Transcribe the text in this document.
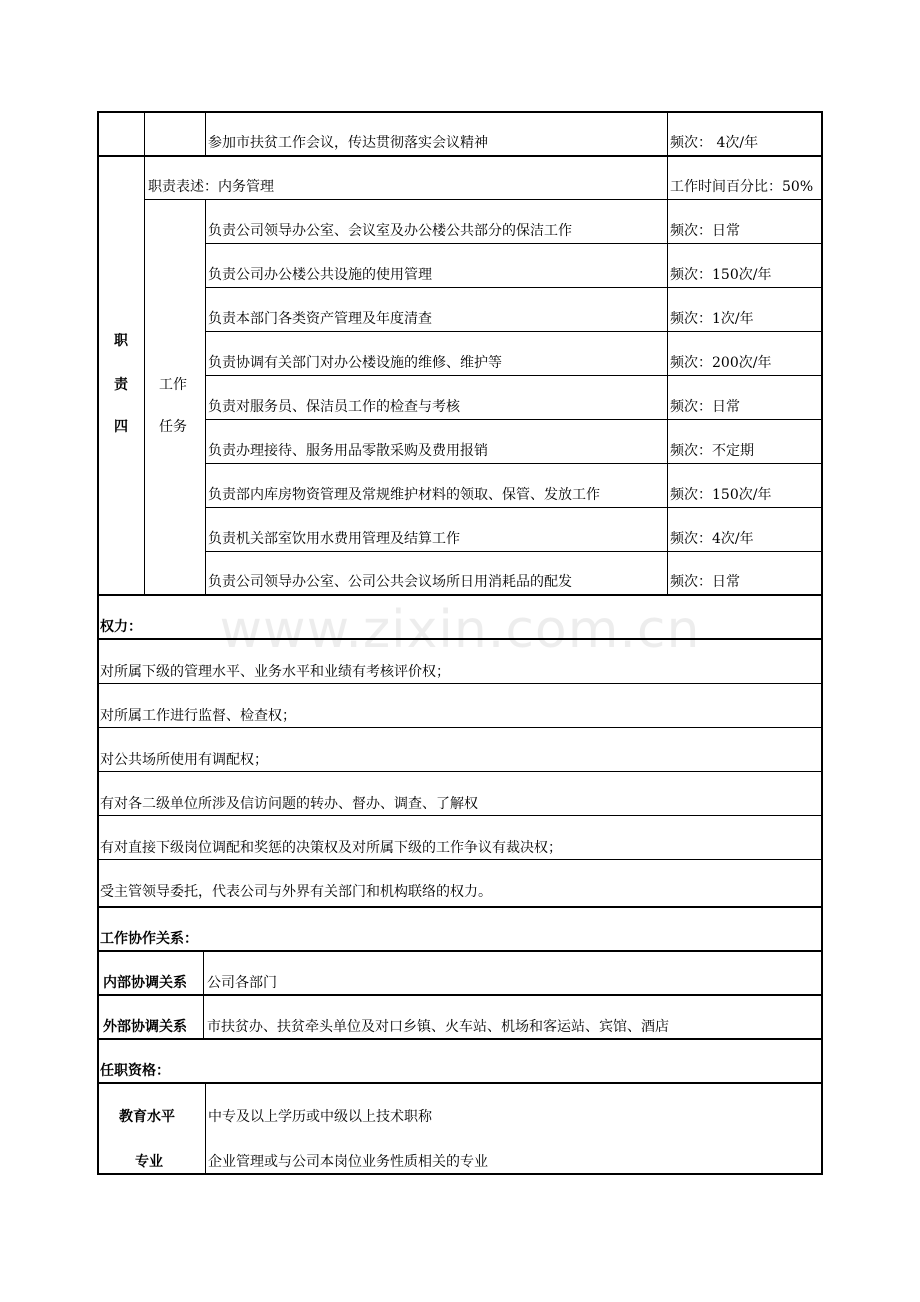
参加市扶贫工作会议，传达贯彻落实会议精神	频次： 4次/年
职
责
四
职责表述：内务管理	工作时间百分比：50%
工作
任务
负责公司领导办公室、会议室及办公楼公共部分的保洁工作	频次：日常
负责公司办公楼公共设施的使用管理	频次：150次/年
负责本部门各类资产管理及年度清查	频次：1次/年
负责协调有关部门对办公楼设施的维修、维护等	频次：200次/年
负责对服务员、保洁员工作的检查与考核	频次：日常
负责办理接待、服务用品零散采购及费用报销	频次：不定期
负责部内库房物资管理及常规维护材料的领取、保管、发放工作	频次：150次/年
负责机关部室饮用水费用管理及结算工作	频次：4次/年
负责公司领导办公室、公司公共会议场所日用消耗品的配发	频次：日常
权力：
对所属下级的管理水平、业务水平和业绩有考核评价权；
对所属工作进行监督、检查权；
对公共场所使用有调配权；
有对各二级单位所涉及信访问题的转办、督办、调查、了解权
有对直接下级岗位调配和奖惩的决策权及对所属下级的工作争议有裁决权；
受主管领导委托，代表公司与外界有关部门和机构联络的权力。
工作协作关系：
内部协调关系 公司各部门
外部协调关系 市扶贫办、扶贫牵头单位及对口乡镇、火车站、机场和客运站、宾馆、酒店
任职资格：
教育水平 中专及以上学历或中级以上技术职称
专业	企业管理或与公司本岗位业务性质相关的专业
www.zixin.com.cn
